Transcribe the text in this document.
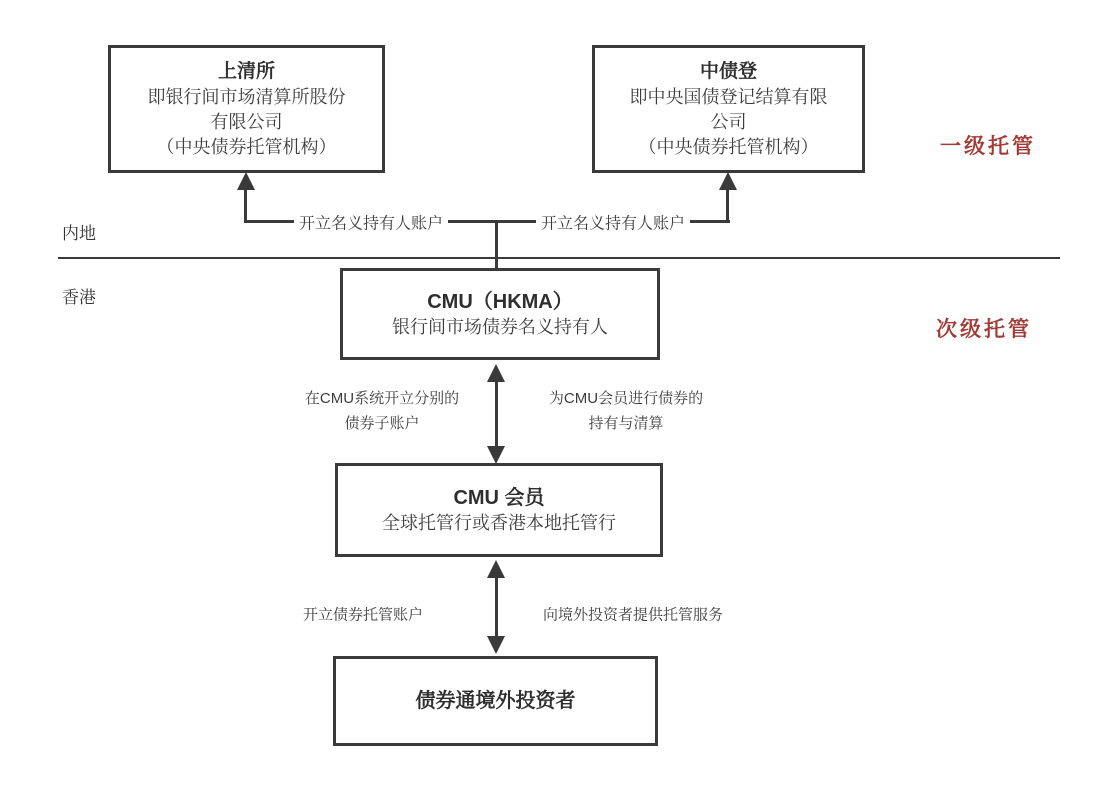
上清所
即银行间市场清算所股份
有限公司
（中央债券托管机构）
中债登
即中央国债登记结算有限
公司
（中央债券托管机构）	一级托管
内地
香港
开立名义持有人账户	开立名义持有人账户
CMU（HKMA）
银行间市场债券名义持有人	次级托管
在CMU系统开立分别的
债券子账户
为CMU会员进行债券的
持有与清算
CMU 会员
全球托管行或香港本地托管行
开立债券托管账户	向境外投资者提供托管服务
债券通境外投资者
